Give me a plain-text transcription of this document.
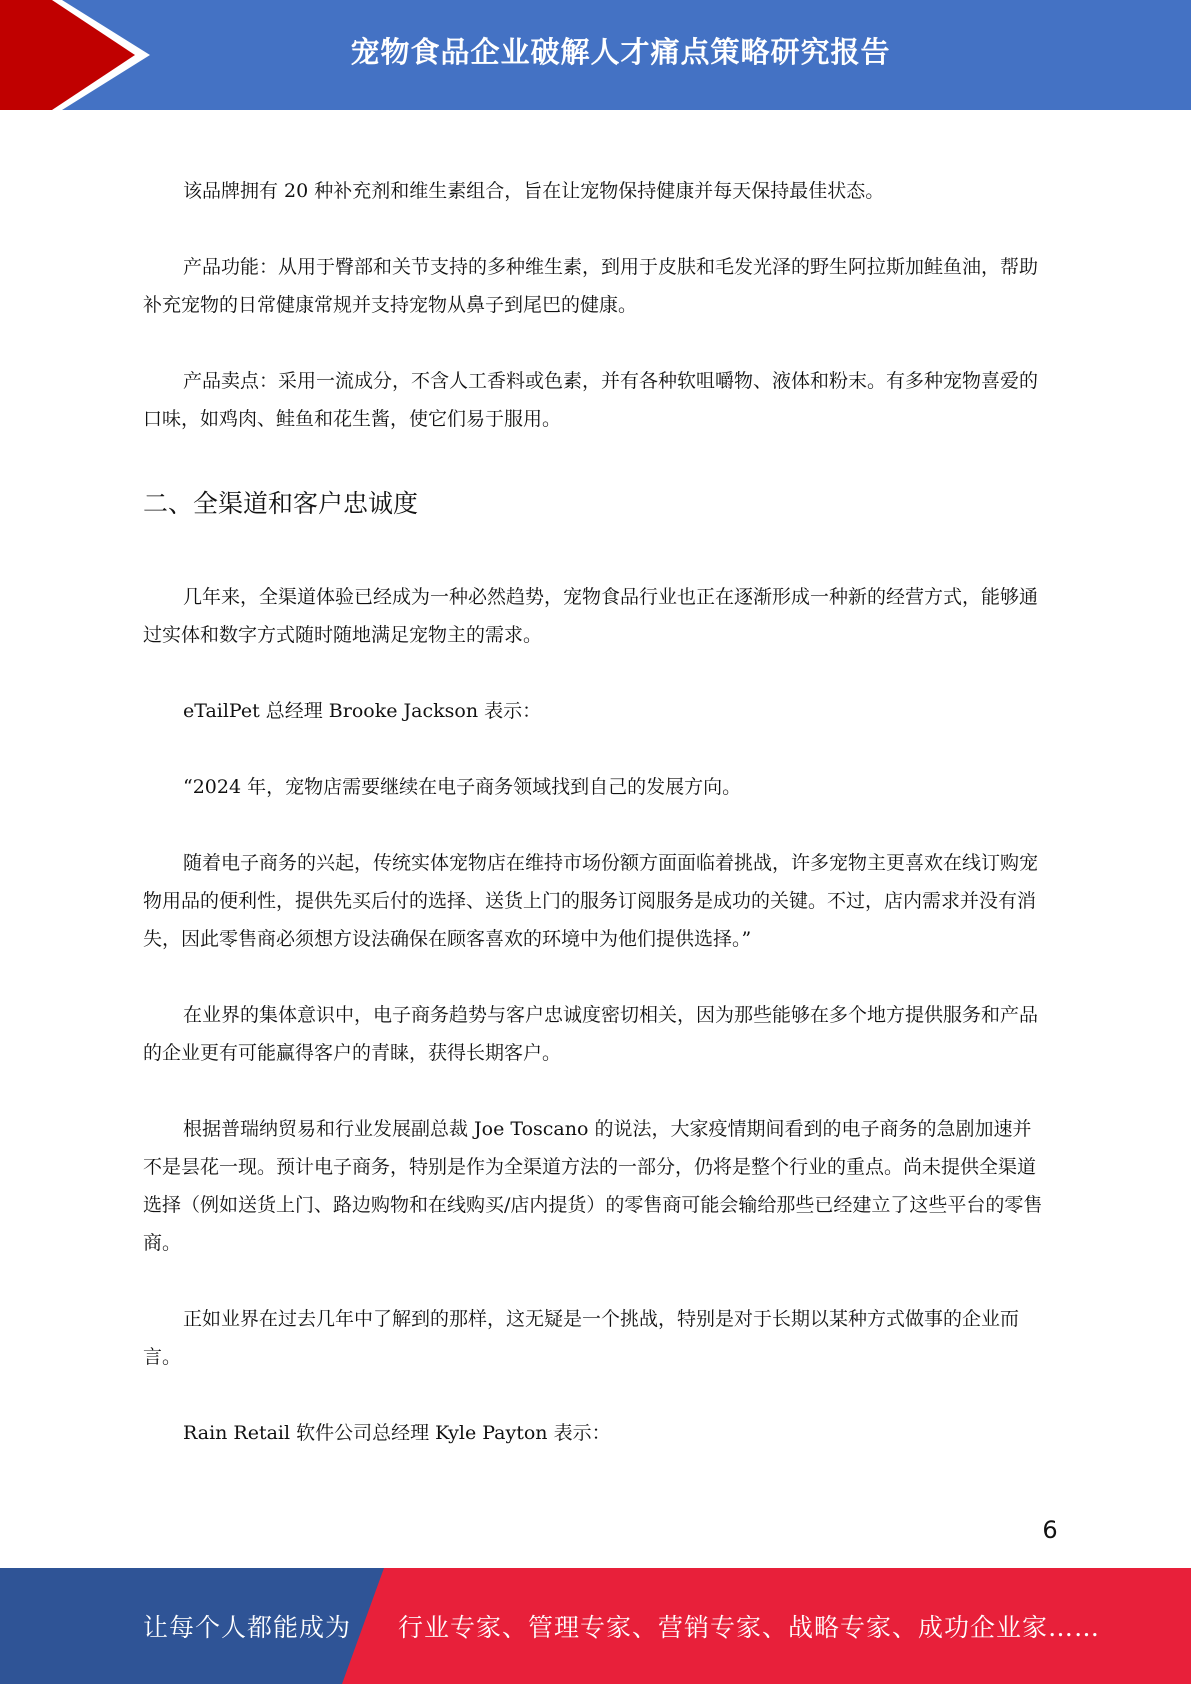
宠物食品企业破解人才痛点策略研究报告

该品牌拥有 20 种补充剂和维生素组合，旨在让宠物保持健康并每天保持最佳状态。

产品功能：从用于臀部和关节支持的多种维生素，到用于皮肤和毛发光泽的野生阿拉斯加鲑鱼油，帮助补充宠物的日常健康常规并支持宠物从鼻子到尾巴的健康。

产品卖点：采用一流成分，不含人工香料或色素，并有各种软咀嚼物、液体和粉末。有多种宠物喜爱的口味，如鸡肉、鲑鱼和花生酱，使它们易于服用。

二、全渠道和客户忠诚度

几年来，全渠道体验已经成为一种必然趋势，宠物食品行业也正在逐渐形成一种新的经营方式，能够通过实体和数字方式随时随地满足宠物主的需求。

eTailPet 总经理 Brooke Jackson 表示：

“2024 年，宠物店需要继续在电子商务领域找到自己的发展方向。

随着电子商务的兴起，传统实体宠物店在维持市场份额方面面临着挑战，许多宠物主更喜欢在线订购宠物用品的便利性，提供先买后付的选择、送货上门的服务订阅服务是成功的关键。不过，店内需求并没有消失，因此零售商必须想方设法确保在顾客喜欢的环境中为他们提供选择。”

在业界的集体意识中，电子商务趋势与客户忠诚度密切相关，因为那些能够在多个地方提供服务和产品的企业更有可能赢得客户的青睐，获得长期客户。

根据普瑞纳贸易和行业发展副总裁 Joe Toscano 的说法，大家疫情期间看到的电子商务的急剧加速并不是昙花一现。预计电子商务，特别是作为全渠道方法的一部分，仍将是整个行业的重点。尚未提供全渠道选择（例如送货上门、路边购物和在线购买/店内提货）的零售商可能会输给那些已经建立了这些平台的零售商。

正如业界在过去几年中了解到的那样，这无疑是一个挑战，特别是对于长期以某种方式做事的企业而言。

Rain Retail 软件公司总经理 Kyle Payton 表示：

6
让每个人都能成为 行业专家、管理专家、营销专家、战略专家、成功企业家……
